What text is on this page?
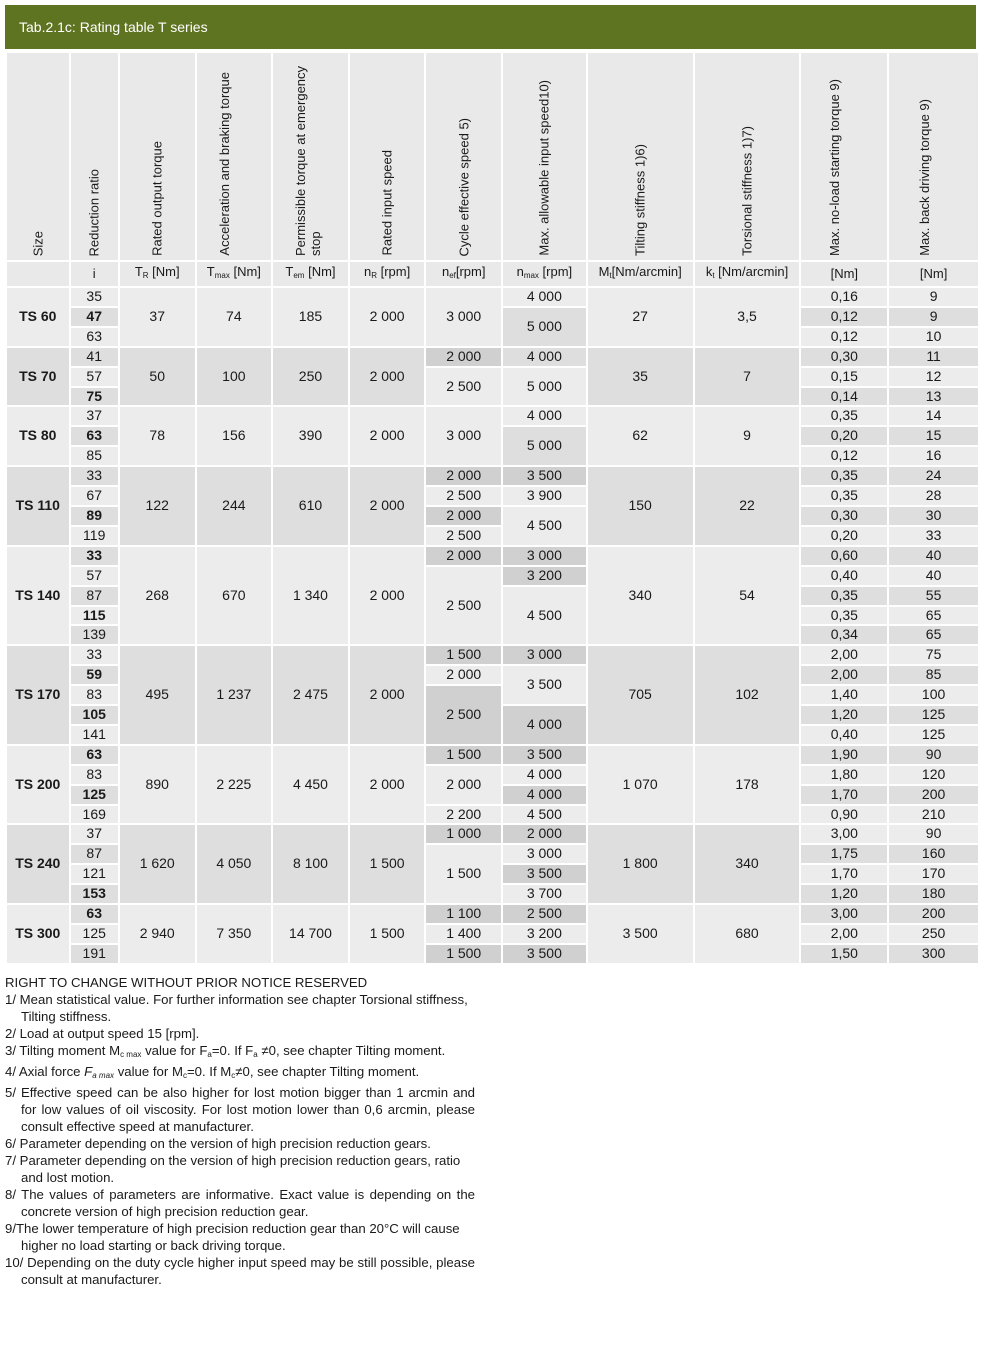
Tab.2.1c: Rating table T series
Size	Reduction ratio	Rated output torque	Acceleration and braking torque	Permissible torque at emergency stop	Rated input speed	Cycle effective speed 5)	Max. allowable input speed10)	Tilting stiffness 1)6)	Torsional stiffness 1)7)	Max. no-load starting torque 9)	Max. back driving torque 9)

	i	$T_R$ [Nm]	$T_{max}$ [Nm]	$T_{em}$ [Nm]	$n_R$ [rpm]	$n_{ef}[rpm]$	$n_{max}$ [rpm]	$M_t[Nm/arcmin]$	$k_t$ [Nm/arcmin]	[Nm]	[Nm]
TS 60	35	37	74	185	2 000	3 000	4 000	27	3,5	0,16	9
	47						5 000			0,12	9
	63									0,12	10
TS 70	41	50	100	250	2 000	2 000	4 000	35	7	0,30	11
	57					2 500	5 000			0,15	12
	75									0,14	13
TS 80	37	78	156	390	2 000	3 000	4 000	62	9	0,35	14
	63						5 000			0,20	15
	85									0,12	16
TS 110	33	122	244	610	2 000	2 000	3 500	150	22	0,35	24
	67					2 500	3 900			0,35	28
	89					2 000	4 500			0,30	30
	119					2 500				0,20	33
TS 140	33	268	670	1 340	2 000	2 000	3 000	340	54	0,60	40
	57					2 500	3 200			0,40	40
	87						4 500			0,35	55
	115									0,35	65
	139									0,34	65
TS 170	33	495	1 237	2 475	2 000	1 500	3 000	705	102	2,00	75
	59					2 000	3 500			2,00	85
	83					2 500				1,40	100
	105						4 000			1,20	125
	141									0,40	125
TS 200	63	890	2 225	4 450	2 000	1 500	3 500	1 070	178	1,90	90
	83					2 000	4 000			1,80	120
	125						4 000			1,70	200
	169					2 200	4 500			0,90	210
TS 240	37	1 620	4 050	8 100	1 500	1 000	2 000	1 800	340	3,00	90
	87					1 500	3 000			1,75	160
	121						3 500			1,70	170
	153						3 700			1,20	180
TS 300	63	2 940	7 350	14 700	1 500	1 100	2 500	3 500	680	3,00	200
	125					1 400	3 200			2,00	250
	191					1 500	3 500			1,50	300
RIGHT TO CHANGE WITHOUT PRIOR NOTICE RESERVED
1/ Mean statistical value. For further information see chapter Torsional stiffness, Tilting stiffness.
2/ Load at output speed 15 [rpm].
3/ Tilting moment $M_{c max}$ value for $F_a=0$. If $F_a \ne 0$, see chapter Tilting moment.
4/ Axial force $F_{a max}$ value for $M_c=0$. If $M_c\ne 0$, see chapter Tilting moment.
5/ Effective speed can be also higher for lost motion bigger than 1 arcmin and for low values of oil viscosity. For lost motion lower than 0,6 arcmin, please consult effective speed at manufacturer.
6/ Parameter depending on the version of high precision reduction gears.
7/ Parameter depending on the version of high precision reduction gears, ratio and lost motion.
8/ The values of parameters are informative. Exact value is depending on the concrete version of high precision reduction gear.
9/The lower temperature of high precision reduction gear than 20°C will cause higher no load starting or back driving torque.
10/ Depending on the duty cycle higher input speed may be still possible, please consult at manufacturer.
